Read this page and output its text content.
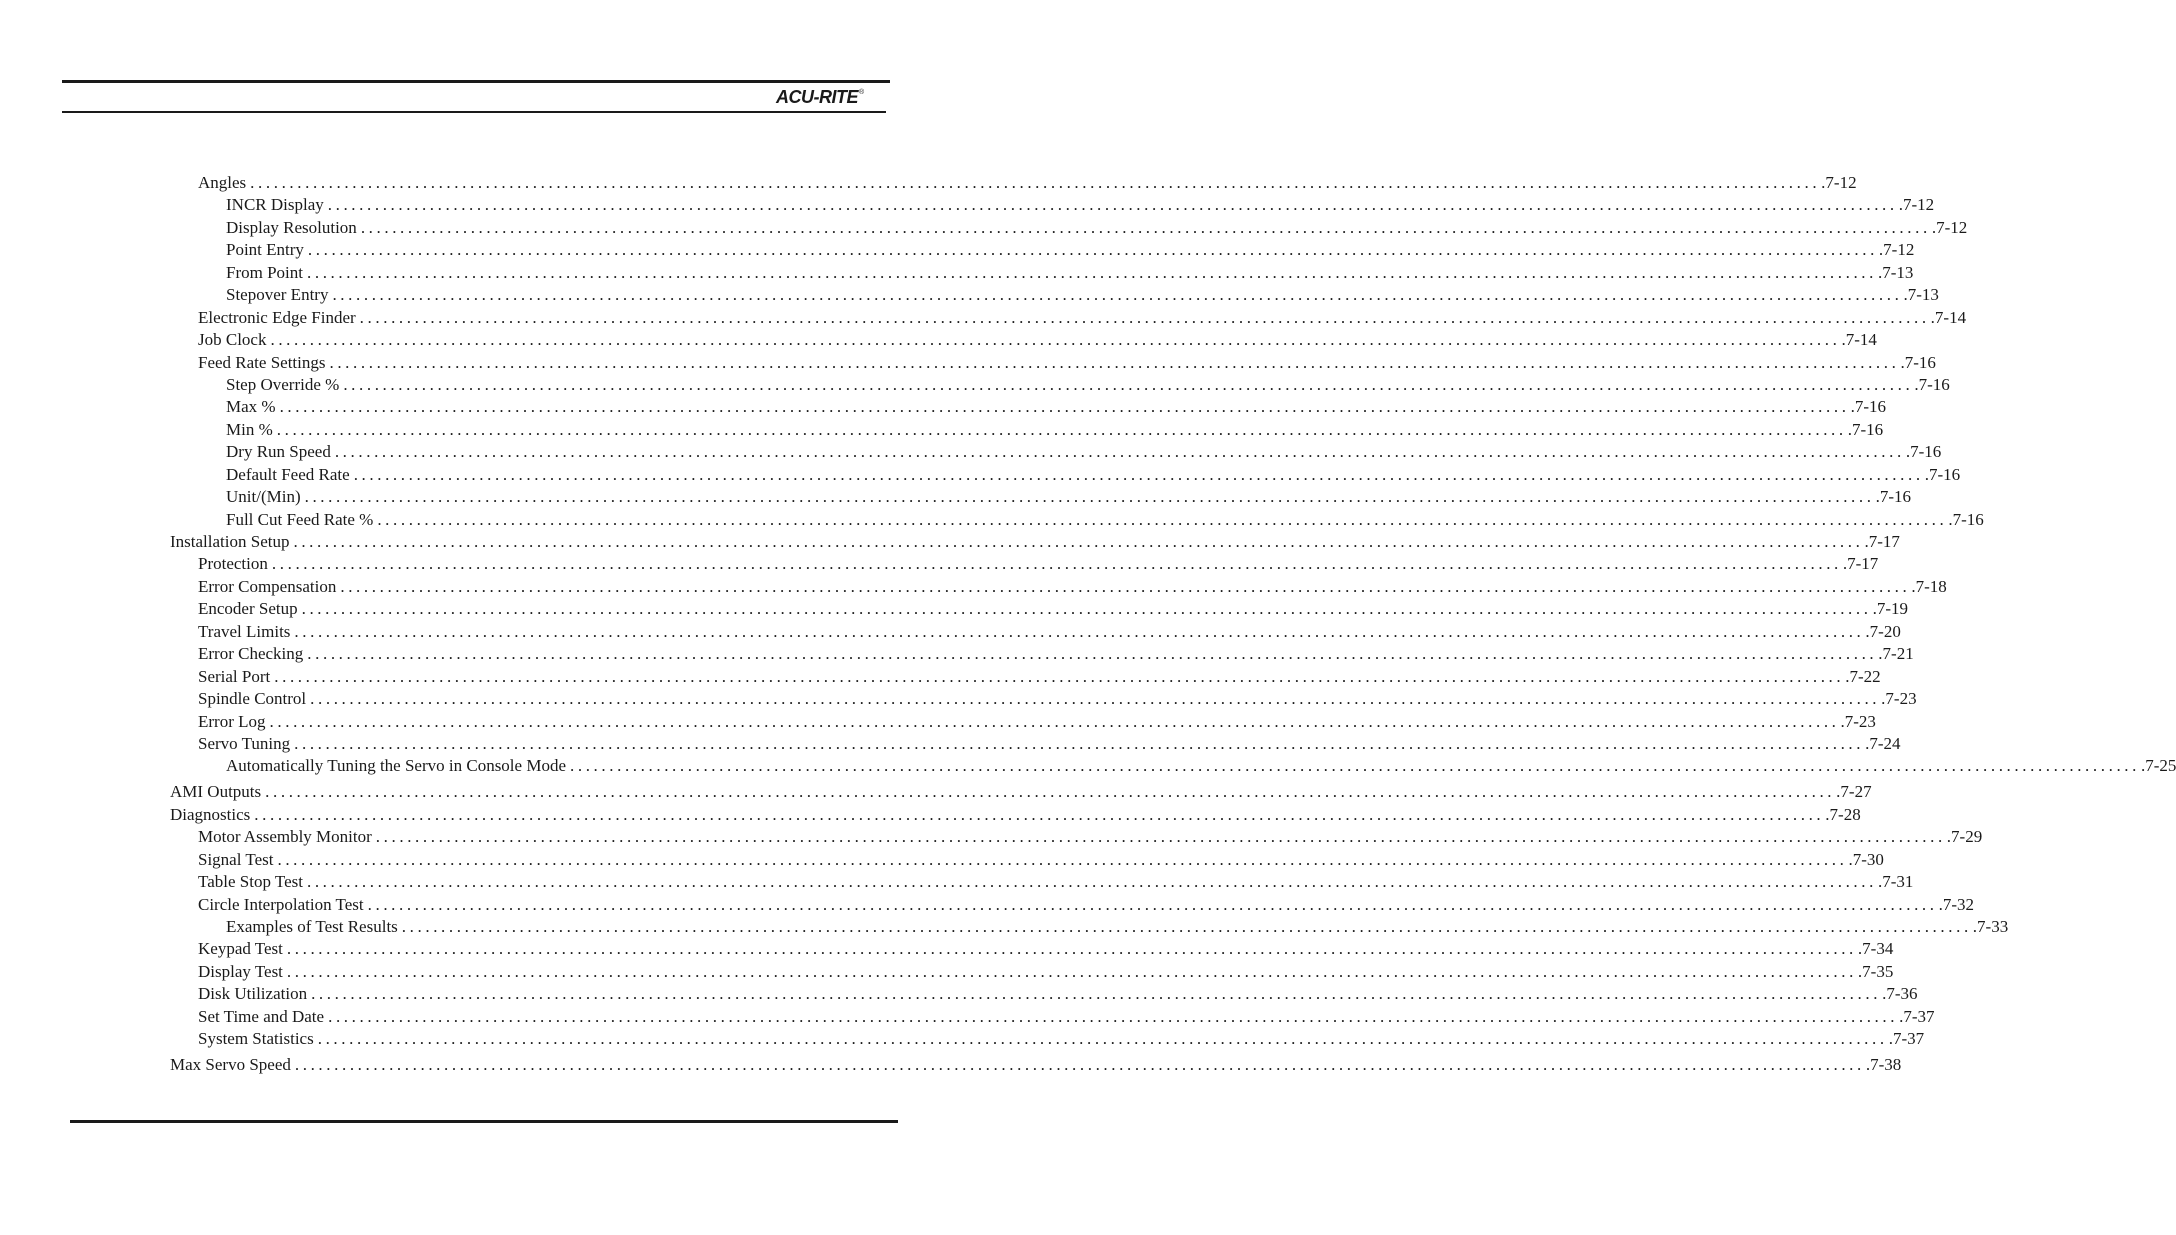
ACU-RITE®
Angles ........................................................................................................................................................................................................ .7-12
INCR Display ........................................................................................................................................................................................................ .7-12
Display Resolution ........................................................................................................................................................................................................ .7-12
Point Entry ........................................................................................................................................................................................................ .7-12
From Point ........................................................................................................................................................................................................ .7-13
Stepover Entry ........................................................................................................................................................................................................ .7-13
Electronic Edge Finder ........................................................................................................................................................................................................ .7-14
Job Clock ........................................................................................................................................................................................................ .7-14
Feed Rate Settings ........................................................................................................................................................................................................ .7-16
Step Override % ........................................................................................................................................................................................................ .7-16
Max % ........................................................................................................................................................................................................ .7-16
Min % ........................................................................................................................................................................................................ .7-16
Dry Run Speed ........................................................................................................................................................................................................ .7-16
Default Feed Rate ........................................................................................................................................................................................................ .7-16
Unit/(Min) ........................................................................................................................................................................................................ .7-16
Full Cut Feed Rate % ........................................................................................................................................................................................................ .7-16
Installation Setup ........................................................................................................................................................................................................ .7-17
Protection ........................................................................................................................................................................................................ .7-17
Error Compensation ........................................................................................................................................................................................................ .7-18
Encoder Setup ........................................................................................................................................................................................................ .7-19
Travel Limits ........................................................................................................................................................................................................ .7-20
Error Checking ........................................................................................................................................................................................................ .7-21
Serial Port ........................................................................................................................................................................................................ .7-22
Spindle Control ........................................................................................................................................................................................................ .7-23
Error Log ........................................................................................................................................................................................................ .7-23
Servo Tuning ........................................................................................................................................................................................................ .7-24
Automatically Tuning the Servo in Console Mode ........................................................................................................................................................................................................ .7-25
AMI Outputs ........................................................................................................................................................................................................ .7-27
Diagnostics ........................................................................................................................................................................................................ .7-28
Motor Assembly Monitor ........................................................................................................................................................................................................ .7-29
Signal Test ........................................................................................................................................................................................................ .7-30
Table Stop Test ........................................................................................................................................................................................................ .7-31
Circle Interpolation Test ........................................................................................................................................................................................................ .7-32
Examples of Test Results ........................................................................................................................................................................................................ .7-33
Keypad Test ........................................................................................................................................................................................................ .7-34
Display Test ........................................................................................................................................................................................................ .7-35
Disk Utilization ........................................................................................................................................................................................................ .7-36
Set Time and Date ........................................................................................................................................................................................................ .7-37
System Statistics ........................................................................................................................................................................................................ .7-37
Max Servo Speed ........................................................................................................................................................................................................ .7-38
